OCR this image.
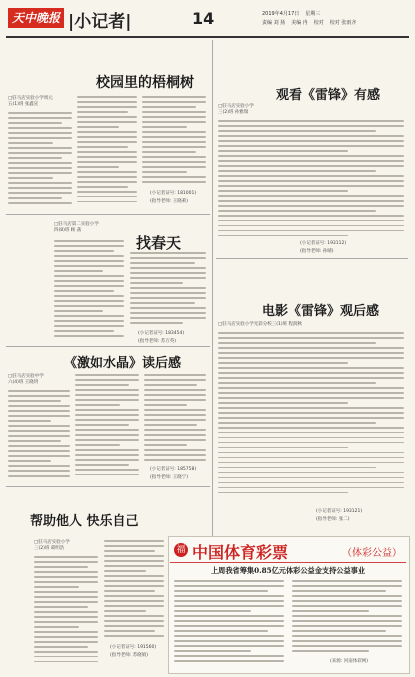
天中晚报 |小记者|	14	2019年4月17日 星期三
责编 刘 扬 美编 冉 校对 校对 张雨齐
校园里的梧桐树
□驻马店实验小学周元
五(1)班 张鑫宣
(小记者证号: 181001)
(指导老师: 王晓莉)
找春天
□驻马店第二实验小学
四(8)班 顾 菡
(小记者证号: 183454)
(指导老师: 苏万英)
《激如水晶》读后感
□驻马店实验中学
六(4)班 王晓玥
(小记者证号: 185758)
(指导老师: 王晓宁)
帮助他人 快乐自己
□驻马店实验小学
三(2)班 葛明浩
(小记者证号: 191560)
(指导老师: 苏晓娟)
观看《雷锋》有感
□驻马店实验小学
三(2)班 孙雅瑞
(小记者证号: 193112)
(指导老师: 孙晴)
电影《雷锋》观后感
□驻马店实验小学光彩分校三(1)班 程润秋
(小记者证号: 193121)
(指导老师: 张二)
福 中国体育彩票	（体彩公益）
上周我省筹集0.85亿元体彩公益金支持公益事业
(来源: 河南体彩网)
